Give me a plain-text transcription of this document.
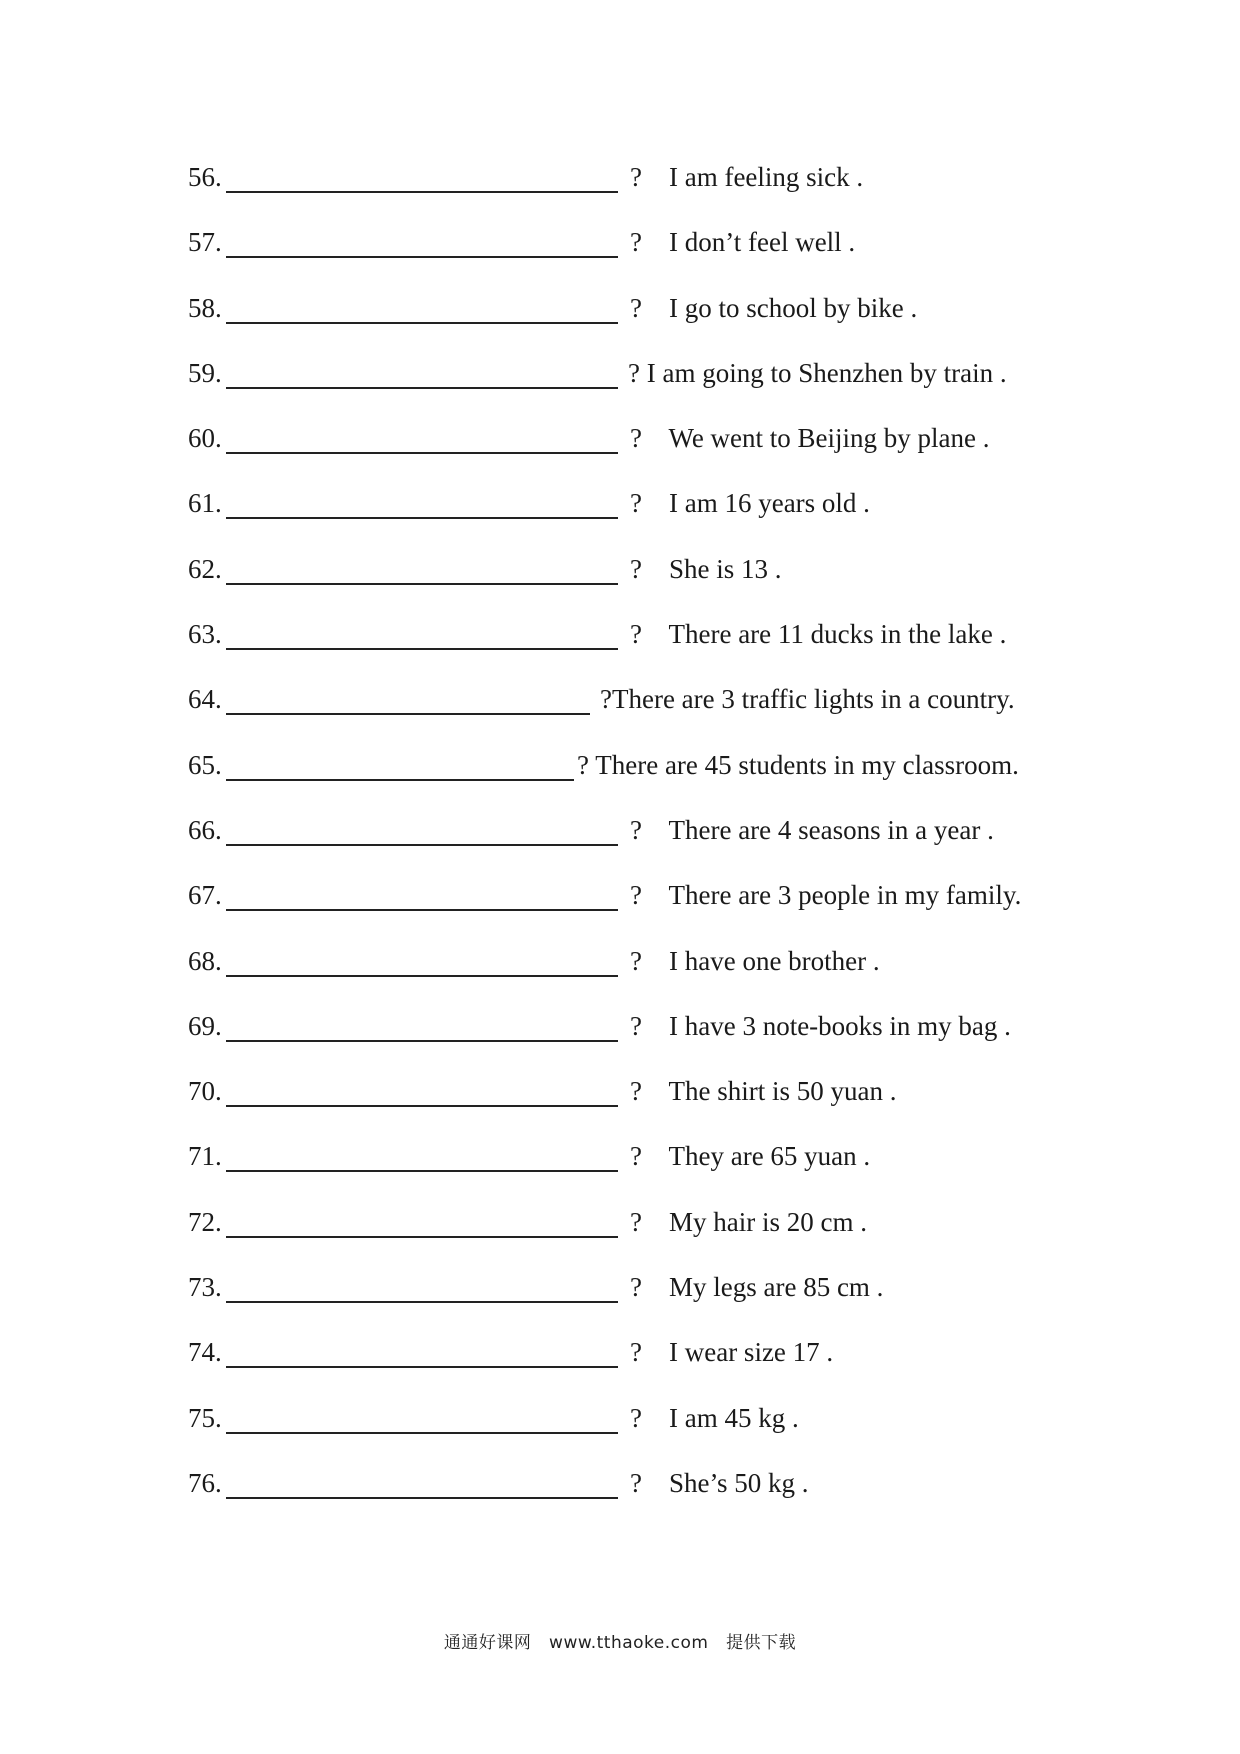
56.	?    I am feeling sick .
57.	?    I don’t feel well .
58.	?    I go to school by bike .
59.	? I am going to Shenzhen by train .
60.	?    We went to Beijing by plane .
61.	?    I am 16 years old .
62.	?    She is 13 .
63.	?    There are 11 ducks in the lake .
64.	?There are 3 traffic lights in a country.
65.	? There are 45 students in my classroom.
66.	?    There are 4 seasons in a year .
67.	?    There are 3 people in my family.
68.	?    I have one brother .
69.	?    I have 3 note-books in my bag .
70.	?    The shirt is 50 yuan .
71.	?    They are 65 yuan .
72.	?    My hair is 20 cm .
73.	?    My legs are 85 cm .
74.	?    I wear size 17 .
75.	?    I am 45 kg .
76.	?    She’s 50 kg .
通通好课网   www.tthaoke.com   提供下载
